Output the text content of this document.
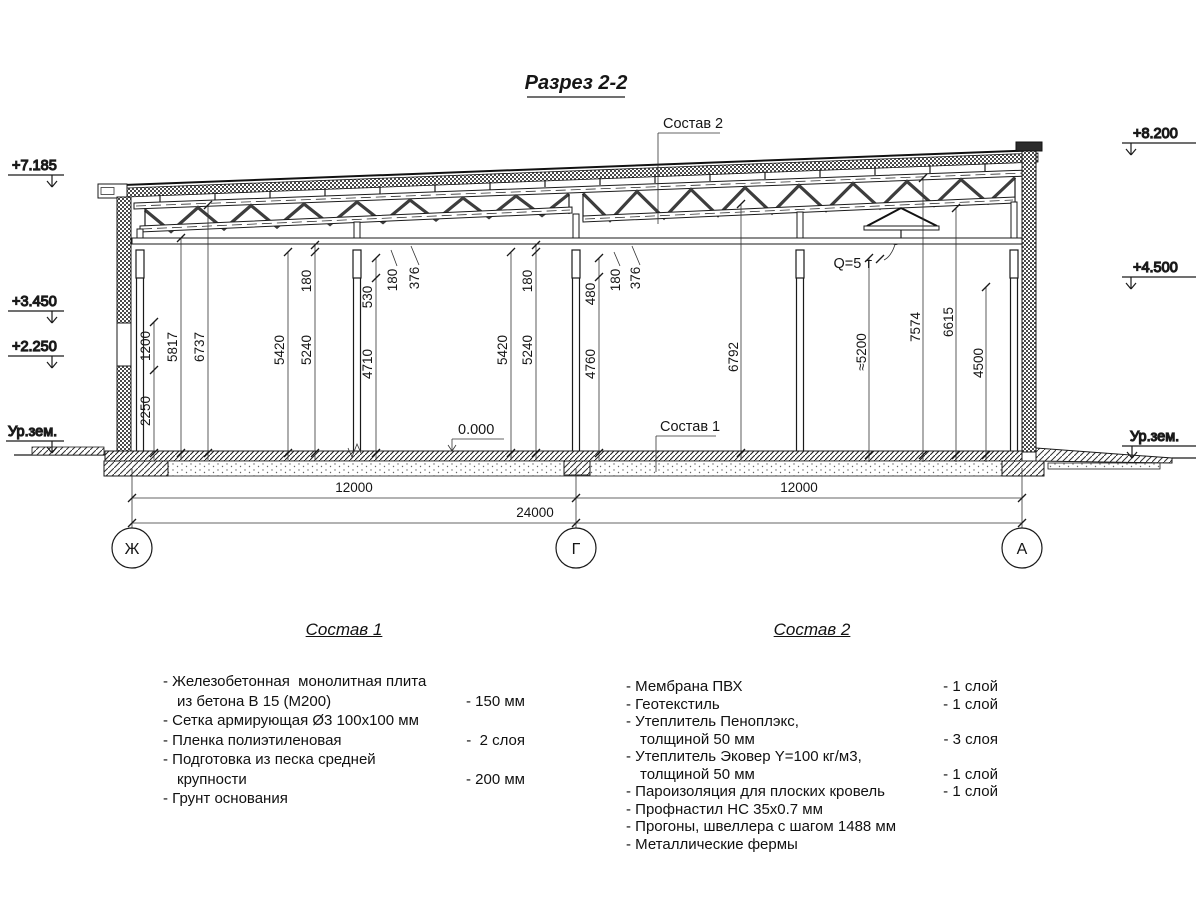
Разрез 2-2
2250
1200 5817 6737	5420 5240
180
530
180 376
4710	5420 5240
180
480
4760
180 376
6792	≈5200
7574 6615
4500
12000	12000
24000
Ж	Г	А
+7.185
+3.450
+2.250
Ур.зем.
+8.200
+4.500
Ур.зем.
Состав 2
Состав 1
0.000
Q=5 т
Состав 1
- Железобетонная  монолитная плита
из бетона В 15 (М200)	- 150 мм
- Сетка армирующая Ø3 100х100 мм
- Пленка полиэтиленовая	-  2 слоя
- Подготовка из песка средней
крупности	- 200 мм
- Грунт основания
Состав 2
- Мембрана ПВХ	- 1 слой
- Геотекстиль	- 1 слой
- Утеплитель Пеноплэкс,
толщиной 50 мм	- 3 слоя
- Утеплитель Эковер Y=100 кг/м3,
толщиной 50 мм	- 1 слой
- Пароизоляция для плоских кровель	- 1 слой
- Профнастил НС 35х0.7 мм
- Прогоны, швеллера с шагом 1488 мм
- Металлические фермы
